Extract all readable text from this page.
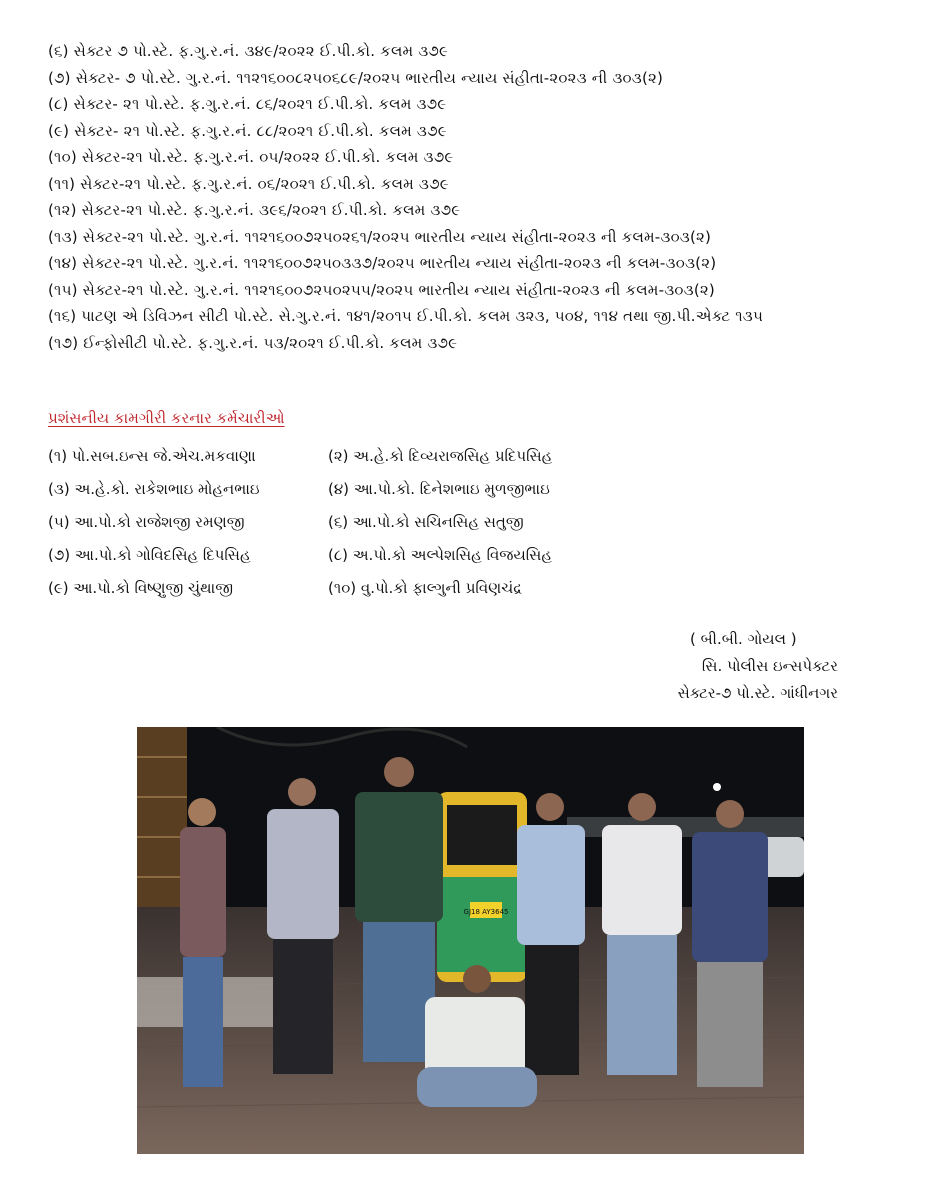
(૬) સેક્ટર ૭ પો.સ્ટે. ફ.ગુ.ર.નં. ૩૪૯/૨૦૨૨ ઈ.પી.કો. કલમ ૩૭૯
(૭) સેક્ટર- ૭ પો.સ્ટે. ગુ.ર.નં. ૧૧૨૧૬૦૦૮૨૫૦૬૮૯/૨૦૨૫ ભારતીય ન્યાય સંહીતા-૨૦૨૩ ની ૩૦૩(૨)
(૮) સેક્ટર- ૨૧ પો.સ્ટે. ફ.ગુ.ર.નં. ૮૬/૨૦૨૧ ઈ.પી.કો. કલમ ૩૭૯
(૯) સેક્ટર- ૨૧ પો.સ્ટે. ફ.ગુ.ર.નં. ૮૮/૨૦૨૧ ઈ.પી.કો. કલમ ૩૭૯
(૧૦) સેક્ટર-૨૧ પો.સ્ટે. ફ.ગુ.ર.નં. ૦૫/૨૦૨૨ ઈ.પી.કો. કલમ ૩૭૯
(૧૧) સેક્ટર-૨૧ પો.સ્ટે. ફ.ગુ.ર.નં. ૦૬/૨૦૨૧ ઈ.પી.કો. કલમ ૩૭૯
(૧૨) સેક્ટર-૨૧ પો.સ્ટે. ફ.ગુ.ર.નં. ૩૯૬/૨૦૨૧ ઈ.પી.કો. કલમ ૩૭૯
(૧૩) સેક્ટર-૨૧ પો.સ્ટે. ગુ.ર.નં. ૧૧૨૧૬૦૦૭૨૫૦૨૬૧/૨૦૨૫ ભારતીય ન્યાય સંહીતા-૨૦૨૩ ની કલમ-૩૦૩(૨)
(૧૪) સેક્ટર-૨૧ પો.સ્ટે. ગુ.ર.નં. ૧૧૨૧૬૦૦૭૨૫૦૩૩૭/૨૦૨૫ ભારતીય ન્યાય સંહીતા-૨૦૨૩ ની કલમ-૩૦૩(૨)
(૧૫) સેક્ટર-૨૧ પો.સ્ટે. ગુ.ર.નં. ૧૧૨૧૬૦૦૭૨૫૦૨૫૫/૨૦૨૫ ભારતીય ન્યાય સંહીતા-૨૦૨૩ ની કલમ-૩૦૩(૨)
(૧૬) પાટણ એ ડિવિઝન સીટી પો.સ્ટે. સે.ગુ.ર.નં. ૧૪૧/૨૦૧૫ ઈ.પી.કો. કલમ ૩૨૩, ૫૦૪, ૧૧૪ તથા જી.પી.એક્ટ ૧૩૫
(૧૭) ઈન્ફોસીટી પો.સ્ટે. ફ.ગુ.ર.નં. ૫૩/૨૦૨૧ ઈ.પી.કો. કલમ ૩૭૯
પ્રશંસનીય કામગીરી કરનાર કર્મચારીઓ
(૧) પો.સબ.ઇન્સ જે.એચ.મકવાણા	(૨) અ.હે.કો દિવ્યરાજસિહ પ્રદિપસિહ
(૩) અ.હે.કો. રાકેશભાઇ મોહનભાઇ	(૪) આ.પો.કો. દિનેશભાઇ મુળજીભાઇ
(૫) આ.પો.કો રાજેશજી રમણજી	(૬) આ.પો.કો સચિનસિહ સતુજી
(૭) આ.પો.કો ગોવિદસિહ દિપસિહ	(૮) અ.પો.કો અલ્પેશસિહ વિજયસિહ
(૯) આ.પો.કો વિષ્ણુજી ચુંથાજી	(૧૦) વુ.પો.કો ફાલ્ગુની પ્રવિણચંદ્ર
( બી.બી. ગોયલ )
સિ. પોલીસ ઇન્સપેક્ટર
સેક્ટર-૭ પો.સ્ટે. ગાંધીનગર
GJ18 AY3645
